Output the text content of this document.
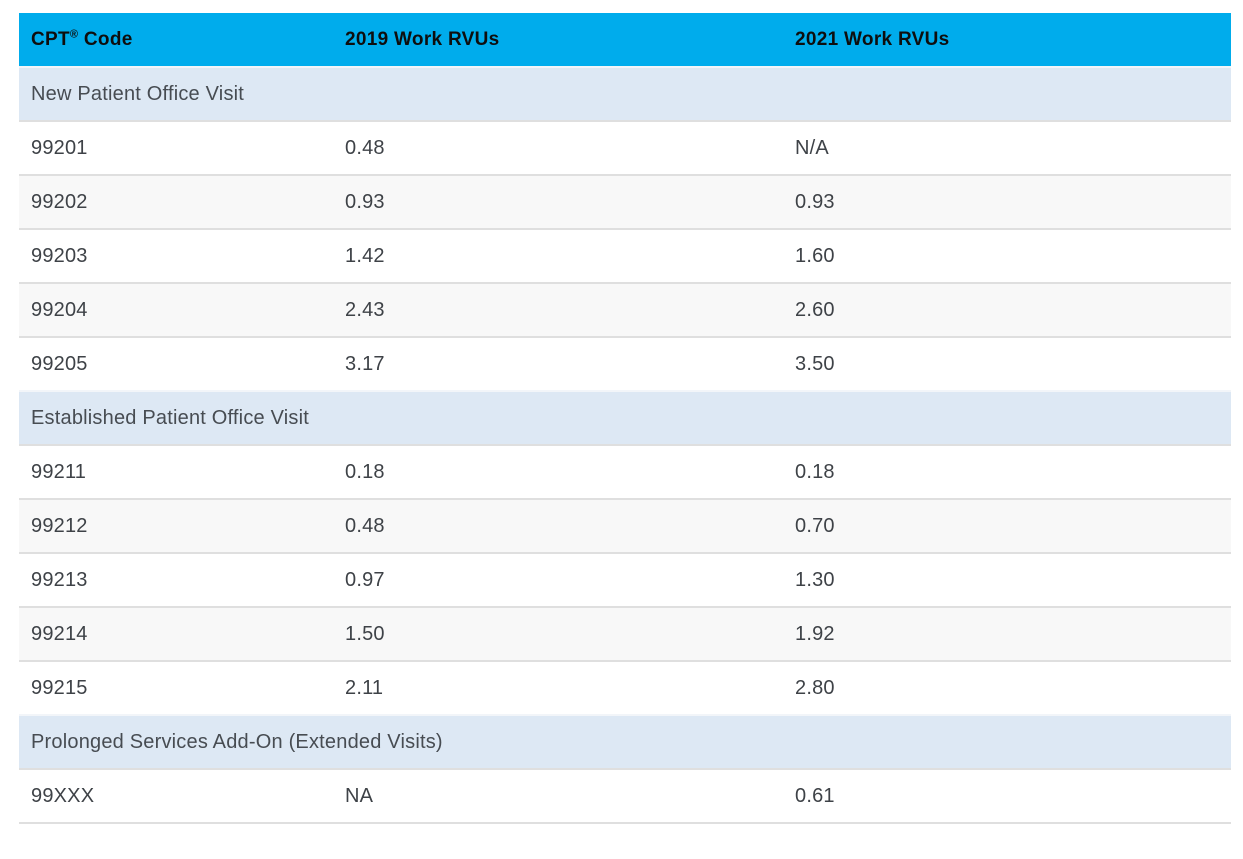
CPT® Code	2019 Work RVUs	2021 Work RVUs
New Patient Office Visit		
99201	0.48	N/A
99202	0.93	0.93
99203	1.42	1.60
99204	2.43	2.60
99205	3.17	3.50
Established Patient Office Visit		
99211	0.18	0.18
99212	0.48	0.70
99213	0.97	1.30
99214	1.50	1.92
99215	2.11	2.80
Prolonged Services Add-On (Extended Visits)		
99XXX	NA	0.61
